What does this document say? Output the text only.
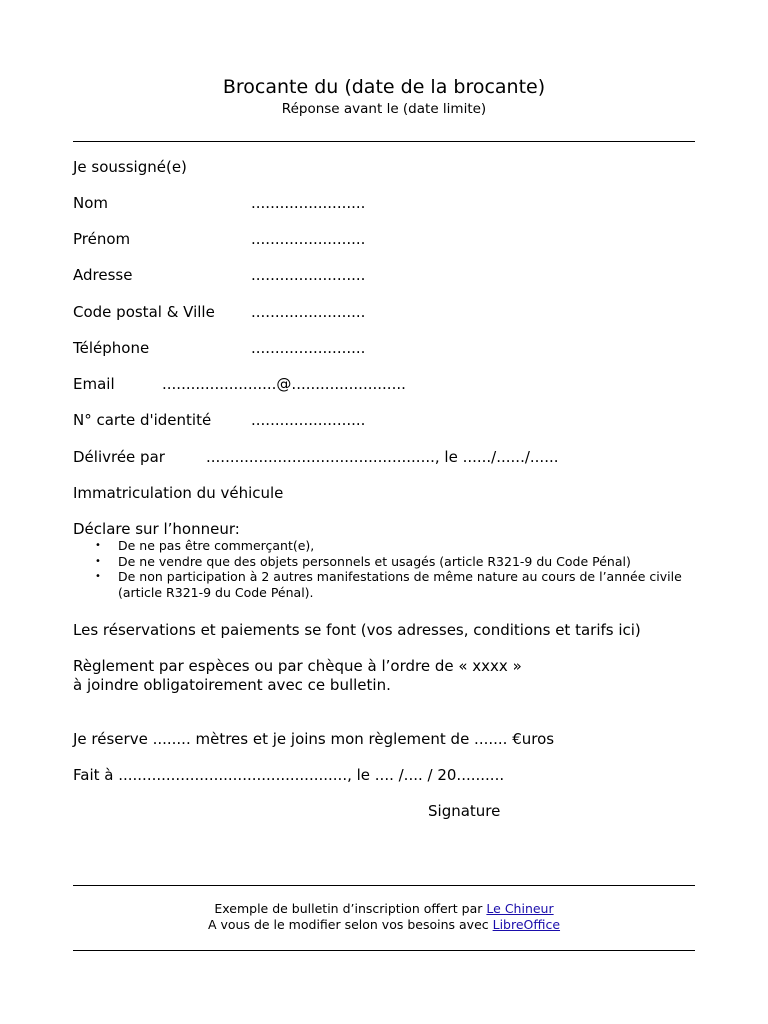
Brocante du (date de la brocante)
Réponse avant le (date limite)
Je soussigné(e)
Nom	........................
Prénom	........................
Adresse	........................
Code postal & Ville ........................
Téléphone	........................
Email	........................@........................
N° carte d'identité	........................
Délivrée par	................................................, le ....../....../......
Immatriculation du véhicule
Déclare sur l’honneur:
•	De ne pas être commerçant(e),
•	De ne vendre que des objets personnels et usagés (article R321-9 du Code Pénal)
•	De non participation à 2 autres manifestations de même nature au cours de l’année civile
(article R321-9 du Code Pénal).
Les réservations et paiements se font (vos adresses, conditions et tarifs ici)
Règlement par espèces ou par chèque à l’ordre de « xxxx »
à joindre obligatoirement avec ce bulletin.
Je réserve ........ mètres et je joins mon règlement de ....... €uros
Fait à ................................................, le .... /.... / 20..........
Signature
Exemple de bulletin d’inscription offert par Le Chineur
A vous de le modifier selon vos besoins avec LibreOffice
